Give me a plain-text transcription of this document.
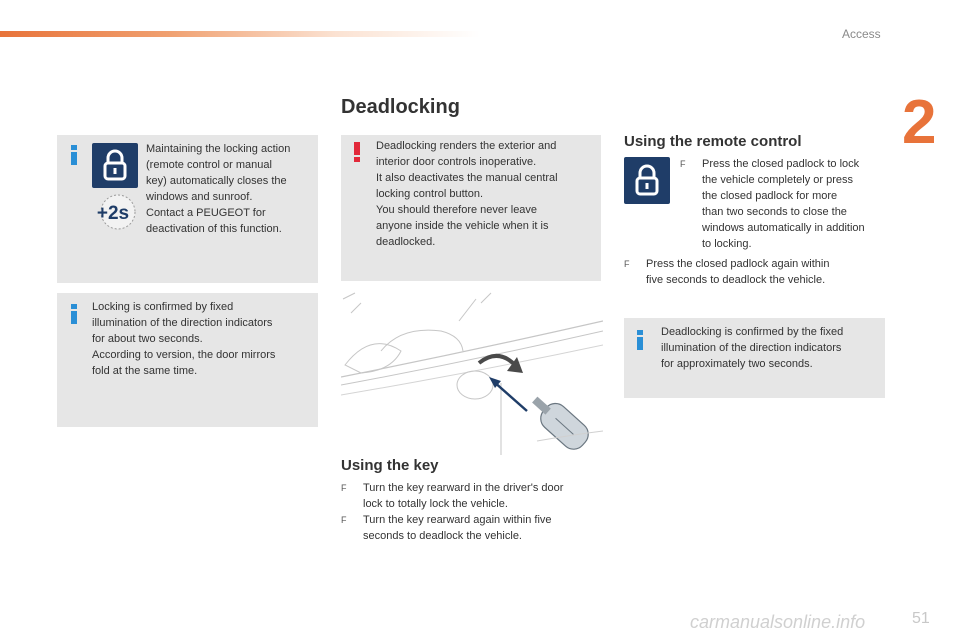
Access
2
51
carmanualsonline.info
Deadlocking
+2s

Maintaining the locking action

(remote control or manual

key) automatically closes the

windows and sunroof.

Contact a PEUGEOT for

deactivation of this function.

Locking is confirmed by fixed

illumination of the direction indicators

for about two seconds.

According to version, the door mirrors

fold at the same time.

Deadlocking renders the exterior and

interior door controls inoperative.

It also deactivates the manual central

locking control button.

You should therefore never leave

anyone inside the vehicle when it is

deadlocked.

Using the key
F Turn the key rearward in the driver's door
lock to totally lock the vehicle.
F Turn the key rearward again within five
seconds to deadlock the vehicle.
Using the remote control
F Press the closed padlock to lock
the vehicle completely or press
the closed padlock for more
than two seconds to close the
windows automatically in addition
to locking.
F Press the closed padlock again within
five seconds to deadlock the vehicle.

Deadlocking is confirmed by the fixed

illumination of the direction indicators

for approximately two seconds.
